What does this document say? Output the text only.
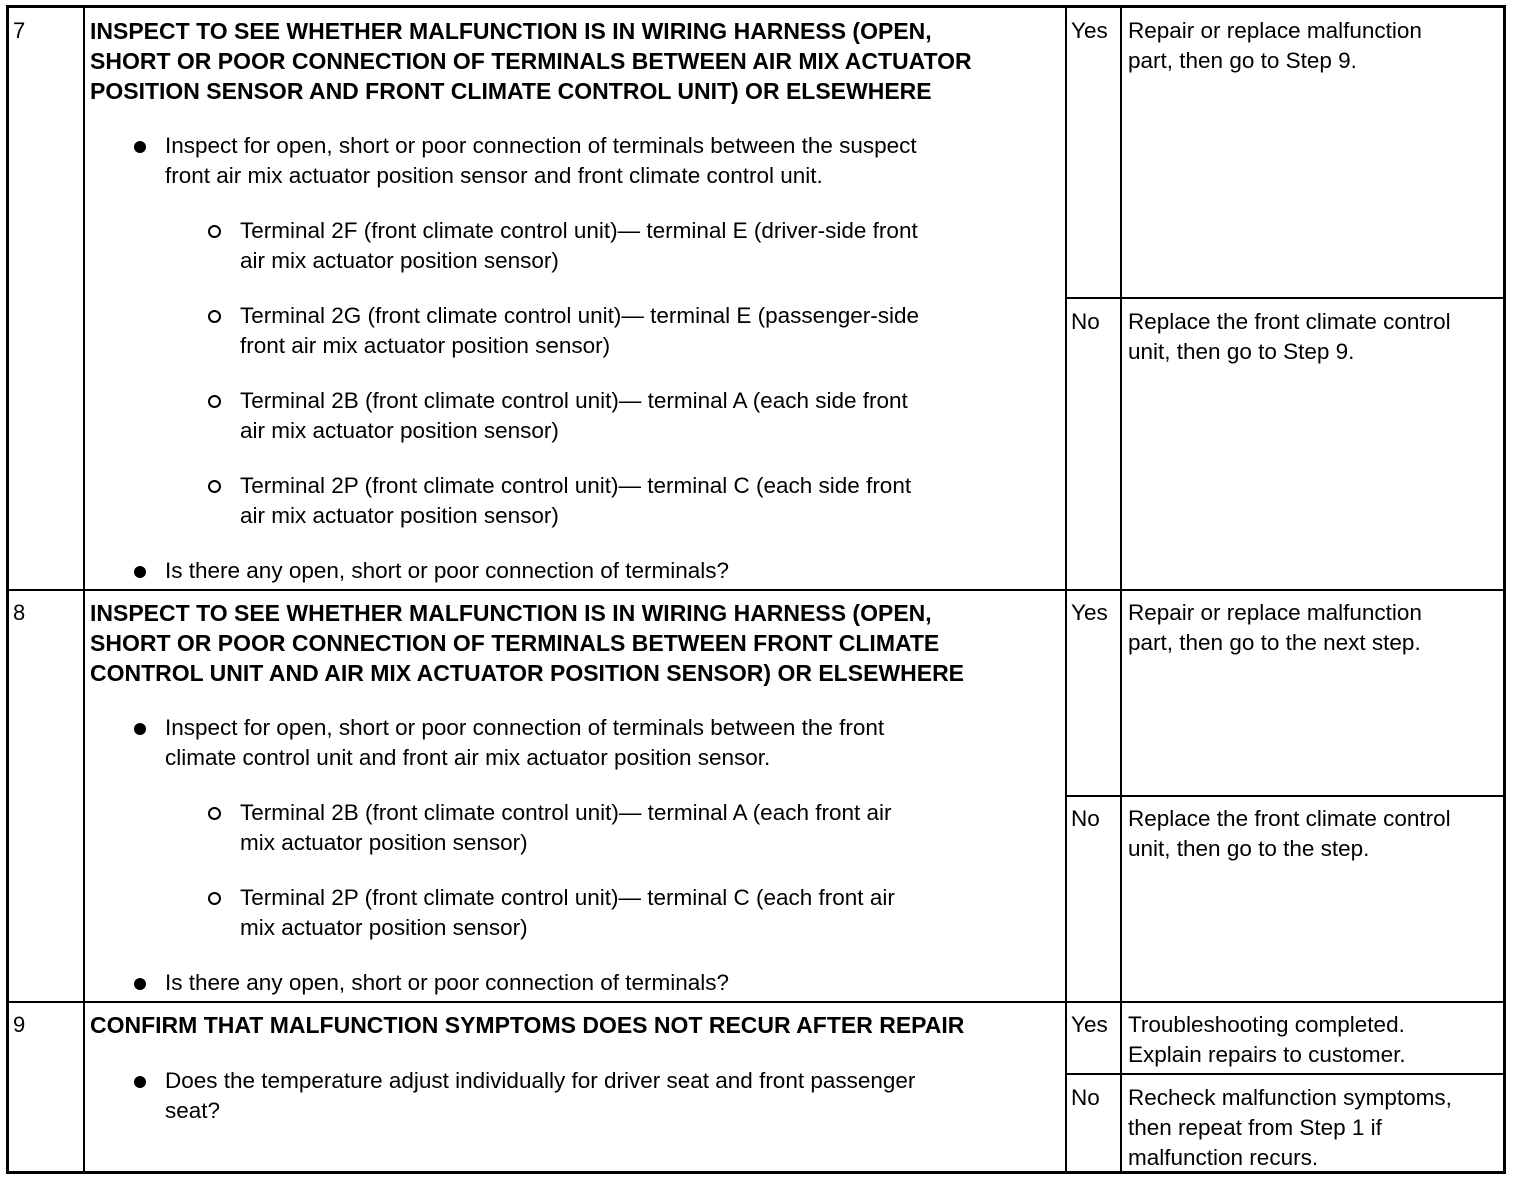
7	INSPECT TO SEE WHETHER MALFUNCTION IS IN WIRING HARNESS (OPEN,
SHORT OR POOR CONNECTION OF TERMINALS BETWEEN AIR MIX ACTUATOR
POSITION SENSOR AND FRONT CLIMATE CONTROL UNIT) OR ELSEWHERE
Inspect for open, short or poor connection of terminals between the suspect
front air mix actuator position sensor and front climate control unit.
Terminal 2F (front climate control unit)— terminal E (driver-side front
air mix actuator position sensor)
Terminal 2G (front climate control unit)— terminal E (passenger-side
front air mix actuator position sensor)
Terminal 2B (front climate control unit)— terminal A (each side front
air mix actuator position sensor)
Terminal 2P (front climate control unit)— terminal C (each side front
air mix actuator position sensor)
Is there any open, short or poor connection of terminals?
Yes Repair or replace malfunction
part, then go to Step 9.
No Replace the front climate control
unit, then go to Step 9.
8	INSPECT TO SEE WHETHER MALFUNCTION IS IN WIRING HARNESS (OPEN,
SHORT OR POOR CONNECTION OF TERMINALS BETWEEN FRONT CLIMATE
CONTROL UNIT AND AIR MIX ACTUATOR POSITION SENSOR) OR ELSEWHERE
Inspect for open, short or poor connection of terminals between the front
climate control unit and front air mix actuator position sensor.
Terminal 2B (front climate control unit)— terminal A (each front air
mix actuator position sensor)
Terminal 2P (front climate control unit)— terminal C (each front air
mix actuator position sensor)
Is there any open, short or poor connection of terminals?
Yes Repair or replace malfunction
part, then go to the next step.
No Replace the front climate control
unit, then go to the step.
9	CONFIRM THAT MALFUNCTION SYMPTOMS DOES NOT RECUR AFTER REPAIR
Does the temperature adjust individually for driver seat and front passenger
seat?
Yes Troubleshooting completed.
Explain repairs to customer.
No Recheck malfunction symptoms,
then repeat from Step 1 if
malfunction recurs.
